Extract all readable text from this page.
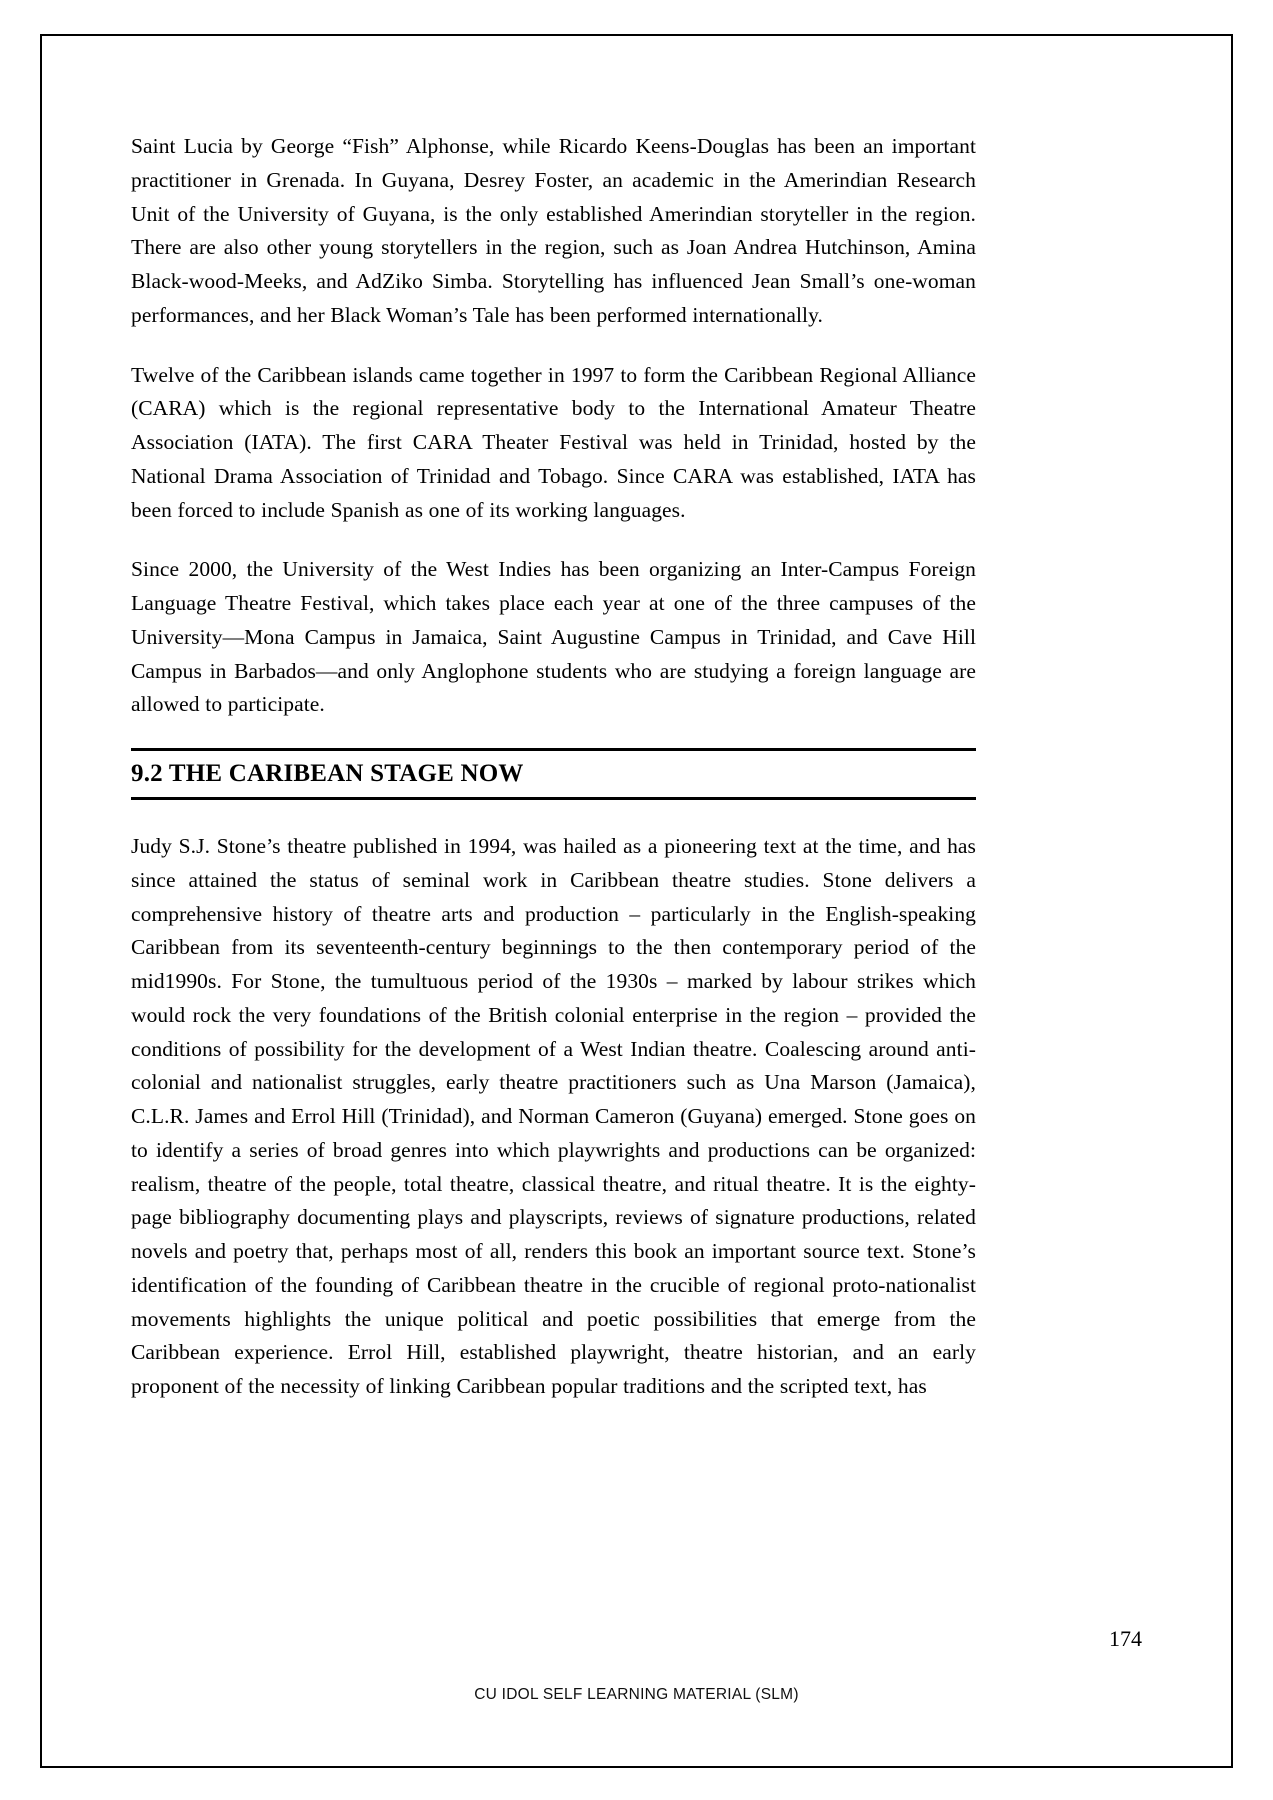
Saint Lucia by George “Fish” Alphonse, while Ricardo Keens-Douglas has been an important practitioner in Grenada. In Guyana, Desrey Foster, an academic in the Amerindian Research Unit of the University of Guyana, is the only established Amerindian storyteller in the region. There are also other young storytellers in the region, such as Joan Andrea Hutchinson, Amina Black-wood-Meeks, and AdZiko Simba. Storytelling has influenced Jean Small’s one-woman performances, and her Black Woman’s Tale has been performed internationally.

Twelve of the Caribbean islands came together in 1997 to form the Caribbean Regional Alliance (CARA) which is the regional representative body to the International Amateur Theatre Association (IATA). The first CARA Theater Festival was held in Trinidad, hosted by the National Drama Association of Trinidad and Tobago. Since CARA was established, IATA has been forced to include Spanish as one of its working languages.

Since 2000, the University of the West Indies has been organizing an Inter-Campus Foreign Language Theatre Festival, which takes place each year at one of the three campuses of the University—Mona Campus in Jamaica, Saint Augustine Campus in Trinidad, and Cave Hill Campus in Barbados—and only Anglophone students who are studying a foreign language are allowed to participate.

9.2 THE CARIBEAN STAGE NOW

Judy S.J. Stone’s theatre published in 1994, was hailed as a pioneering text at the time, and has since attained the status of seminal work in Caribbean theatre studies. Stone delivers a comprehensive history of theatre arts and production – particularly in the English-speaking Caribbean from its seventeenth-century beginnings to the then contemporary period of the mid1990s. For Stone, the tumultuous period of the 1930s – marked by labour strikes which would rock the very foundations of the British colonial enterprise in the region – provided the conditions of possibility for the development of a West Indian theatre. Coalescing around anti-colonial and nationalist struggles, early theatre practitioners such as Una Marson (Jamaica), C.L.R. James and Errol Hill (Trinidad), and Norman Cameron (Guyana) emerged. Stone goes on to identify a series of broad genres into which playwrights and productions can be organized: realism, theatre of the people, total theatre, classical theatre, and ritual theatre. It is the eighty-page bibliography documenting plays and playscripts, reviews of signature productions, related novels and poetry that, perhaps most of all, renders this book an important source text. Stone’s identification of the founding of Caribbean theatre in the crucible of regional proto-nationalist movements highlights the unique political and poetic possibilities that emerge from the Caribbean experience. Errol Hill, established playwright, theatre historian, and an early proponent of the necessity of linking Caribbean popular traditions and the scripted text, has

174
CU IDOL SELF LEARNING MATERIAL (SLM)
